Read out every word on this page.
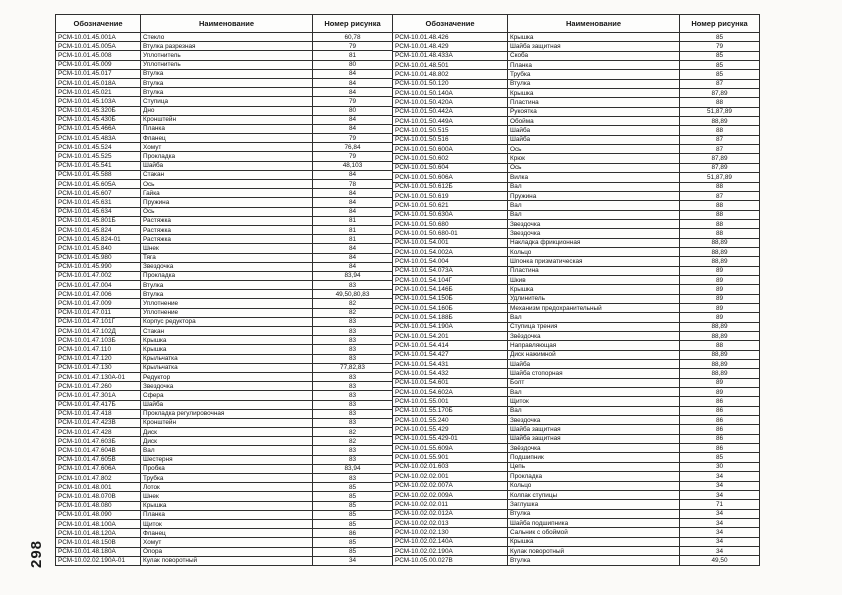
298
Обозначение	Наименование	Номер рисунка
РСМ-10.01.45.001А	Стекло	60,78
РСМ-10.01.45.005А	Втулка разрезная	79
РСМ-10.01.45.008	Уплотнитель	81
РСМ-10.01.45.009	Уплотнитель	80
РСМ-10.01.45.017	Втулка	84
РСМ-10.01.45.018А	Втулка	84
РСМ-10.01.45.021	Втулка	84
РСМ-10.01.45.103А	Ступица	79
РСМ-10.01.45.320Б	Дно	80
РСМ-10.01.45.430Б	Кронштейн	84
РСМ-10.01.45.466А	Планка	84
РСМ-10.01.45.483А	Фланец	79
РСМ-10.01.45.524	Хомут	76,84
РСМ-10.01.45.525	Прокладка	79
РСМ-10.01.45.541	Шайба	48,103
РСМ-10.01.45.588	Стакан	84
РСМ-10.01.45.605А	Ось	78
РСМ-10.01.45.607	Гайка	84
РСМ-10.01.45.631	Пружина	84
РСМ-10.01.45.634	Ось	84
РСМ-10.01.45.801Б	Растяжка	81
РСМ-10.01.45.824	Растяжка	81
РСМ-10.01.45.824-01	Растяжка	81
РСМ-10.01.45.840	Шнек	84
РСМ-10.01.45.980	Тяга	84
РСМ-10.01.45.990	Звездочка	84
РСМ-10.01.47.002	Прокладка	83,94
РСМ-10.01.47.004	Втулка	83
РСМ-10.01.47.006	Втулка	49,50,80,83
РСМ-10.01.47.009	Уплотнение	82
РСМ-10.01.47.011	Уплотнение	82
РСМ-10.01.47.101Г	Корпус редуктора	83
РСМ-10.01.47.102Д	Стакан	83
РСМ-10.01.47.103Б	Крышка	83
РСМ-10.01.47.110	Крышка	83
РСМ-10.01.47.120	Крыльчатка	83
РСМ-10.01.47.130	Крыльчатка	77,82,83
РСМ-10.01.47.130А-01	Редуктор	83
РСМ-10.01.47.260	Звездочка	83
РСМ-10.01.47.301А	Сфера	83
РСМ-10.01.47.417Б	Шайба	83
РСМ-10.01.47.418	Прокладка регулировочная	83
РСМ-10.01.47.423В	Кронштейн	83
РСМ-10.01.47.428	Диск	82
РСМ-10.01.47.603Б	Диск	82
РСМ-10.01.47.604В	Вал	83
РСМ-10.01.47.605В	Шестерня	83
РСМ-10.01.47.606А	Пробка	83,94
РСМ-10.01.47.802	Трубка	83
РСМ-10.01.48.001	Лоток	85
РСМ-10.01.48.070В	Шнек	85
РСМ-10.01.48.080	Крышка	85
РСМ-10.01.48.090	Планка	85
РСМ-10.01.48.100А	Щиток	85
РСМ-10.01.48.120А	Фланец	86
РСМ-10.01.48.150В	Хомут	85
РСМ-10.01.48.180А	Опора	85
РСМ-10.02.02.190А-01	Кулак поворотный	34
Обозначение	Наименование	Номер рисунка
РСМ-10.01.48.426	Крышка	85
РСМ-10.01.48.429	Шайба защитная	79
РСМ-10.01.48.433А	Скоба	85
РСМ-10.01.48.501	Планка	85
РСМ-10.01.48.802	Трубка	85
РСМ-10.01.50.120	Втулка	87
РСМ-10.01.50.140А	Крышка	87,89
РСМ-10.01.50.420А	Пластина	88
РСМ-10.01.50.442А	Рукоятка	51,87,89
РСМ-10.01.50.449А	Обойма	88,89
РСМ-10.01.50.515	Шайба	88
РСМ-10.01.50.516	Шайба	87
РСМ-10.01.50.600А	Ось	87
РСМ-10.01.50.602	Крюк	87,89
РСМ-10.01.50.604	Ось	87,89
РСМ-10.01.50.606А	Вилка	51,87,89
РСМ-10.01.50.612Б	Вал	88
РСМ-10.01.50.619	Пружина	87
РСМ-10.01.50.621	Вал	88
РСМ-10.01.50.630А	Вал	88
РСМ-10.01.50.680	Звездочка	88
РСМ-10.01.50.680-01	Звездочка	88
РСМ-10.01.54.001	Накладка фрикционная	88,89
РСМ-10.01.54.002А	Кольцо	88,89
РСМ-10.01.54.004	Шпонка призматическая	88,89
РСМ-10.01.54.073А	Пластина	89
РСМ-10.01.54.104Г	Шкив	89
РСМ-10.01.54.146Б	Крышка	89
РСМ-10.01.54.150Б	Удлинитель	89
РСМ-10.01.54.160Б	Механизм предохранительный	89
РСМ-10.01.54.188Б	Вал	89
РСМ-10.01.54.190А	Ступица трения	88,89
РСМ-10.01.54.201	Звёздочка	88,89
РСМ-10.01.54.414	Направляющая	88
РСМ-10.01.54.427	Диск нажимной	88,89
РСМ-10.01.54.431	Шайба	88,89
РСМ-10.01.54.432	Шайба стопорная	88,89
РСМ-10.01.54.601	Болт	89
РСМ-10.01.54.602А	Вал	89
РСМ-10.01.55.001	Щиток	86
РСМ-10.01.55.170Б	Вал	86
РСМ-10.01.55.240	Звездочка	86
РСМ-10.01.55.429	Шайба защитная	86
РСМ-10.01.55.429-01	Шайба защитная	86
РСМ-10.01.55.609А	Звёздочка	86
РСМ-10.01.55.901	Подшипник	85
РСМ-10.02.01.603	Цепь	30
РСМ-10.02.02.001	Прокладка	34
РСМ-10.02.02.007А	Кольцо	34
РСМ-10.02.02.009А	Колпак ступицы	34
РСМ-10.02.02.011	Заглушка	71
РСМ-10.02.02.012А	Втулка	34
РСМ-10.02.02.013	Шайба подшипника	34
РСМ-10.02.02.130	Сальник с обоймой	34
РСМ-10.02.02.140А	Крышка	34
РСМ-10.02.02.190А	Кулак поворотный	34
РСМ-10.05.00.027В	Втулка	49,50
